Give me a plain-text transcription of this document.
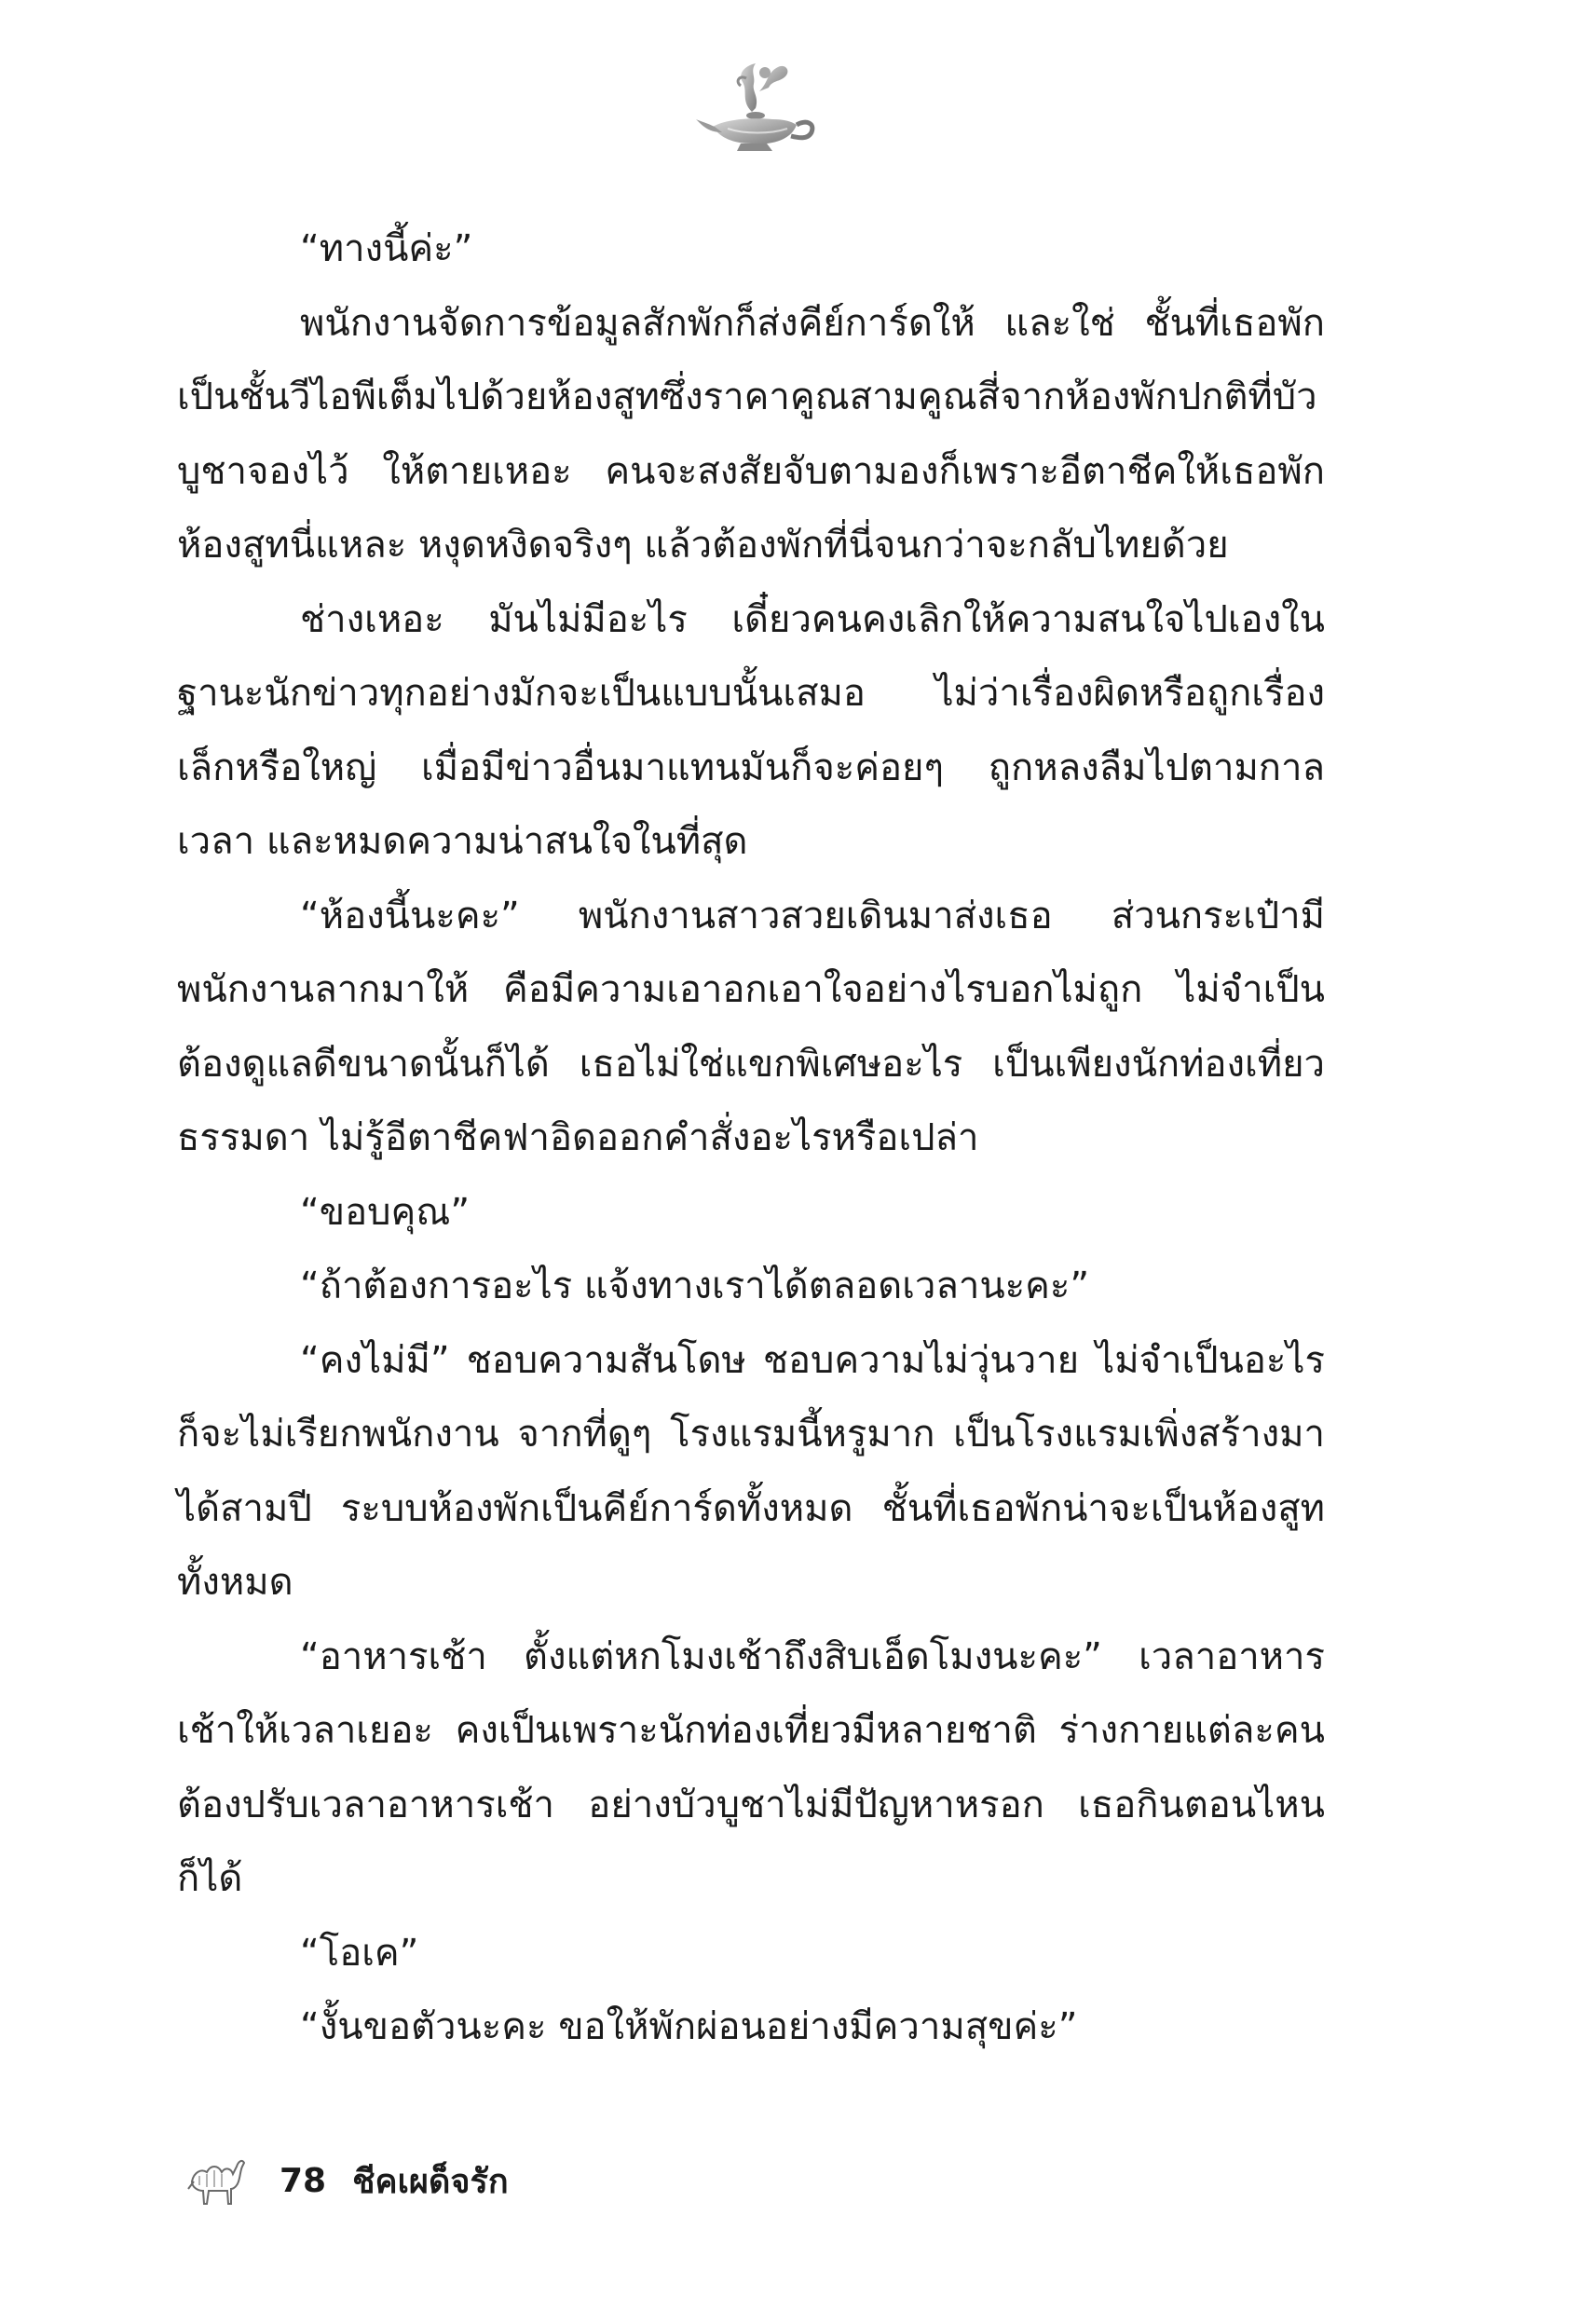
“ทางนี้ค่ะ”

พนักงานจัดการข้อมูลสักพักก็ส่งคีย์การ์ดให้ และใช่ ชั้นที่เธอพักเป็นชั้นวีไอพีเต็มไปด้วยห้องสูทซึ่งราคาคูณสามคูณสี่จากห้องพักปกติที่บัวบูชาจองไว้ ให้ตายเหอะ คนจะสงสัยจับตามองก็เพราะอีตาชีคให้เธอพักห้องสูทนี่แหละ หงุดหงิดจริงๆ แล้วต้องพักที่นี่จนกว่าจะกลับไทยด้วย

ช่างเหอะ มันไม่มีอะไร เดี๋ยวคนคงเลิกให้ความสนใจไปเองในฐานะนักข่าวทุกอย่างมักจะเป็นแบบนั้นเสมอ ไม่ว่าเรื่องผิดหรือถูกเรื่องเล็กหรือใหญ่ เมื่อมีข่าวอื่นมาแทนมันก็จะค่อยๆ ถูกหลงลืมไปตามกาลเวลา และหมดความน่าสนใจในที่สุด

“ห้องนี้นะคะ” พนักงานสาวสวยเดินมาส่งเธอ ส่วนกระเป๋ามีพนักงานลากมาให้ คือมีความเอาอกเอาใจอย่างไรบอกไม่ถูก ไม่จำเป็นต้องดูแลดีขนาดนั้นก็ได้ เธอไม่ใช่แขกพิเศษอะไร เป็นเพียงนักท่องเที่ยวธรรมดา ไม่รู้อีตาชีคฟาอิดออกคำสั่งอะไรหรือเปล่า

“ขอบคุณ”

“ถ้าต้องการอะไร แจ้งทางเราได้ตลอดเวลานะคะ”

“คงไม่มี” ชอบความสันโดษ ชอบความไม่วุ่นวาย ไม่จำเป็นอะไรก็จะไม่เรียกพนักงาน จากที่ดูๆ โรงแรมนี้หรูมาก เป็นโรงแรมเพิ่งสร้างมาได้สามปี ระบบห้องพักเป็นคีย์การ์ดทั้งหมด ชั้นที่เธอพักน่าจะเป็นห้องสูททั้งหมด

“อาหารเช้า ตั้งแต่หกโมงเช้าถึงสิบเอ็ดโมงนะคะ” เวลาอาหารเช้าให้เวลาเยอะ คงเป็นเพราะนักท่องเที่ยวมีหลายชาติ ร่างกายแต่ละคนต้องปรับเวลาอาหารเช้า อย่างบัวบูชาไม่มีปัญหาหรอก เธอกินตอนไหนก็ได้

“โอเค”

“งั้นขอตัวนะคะ ขอให้พักผ่อนอย่างมีความสุขค่ะ”

78 ชีคเผด็จรัก
